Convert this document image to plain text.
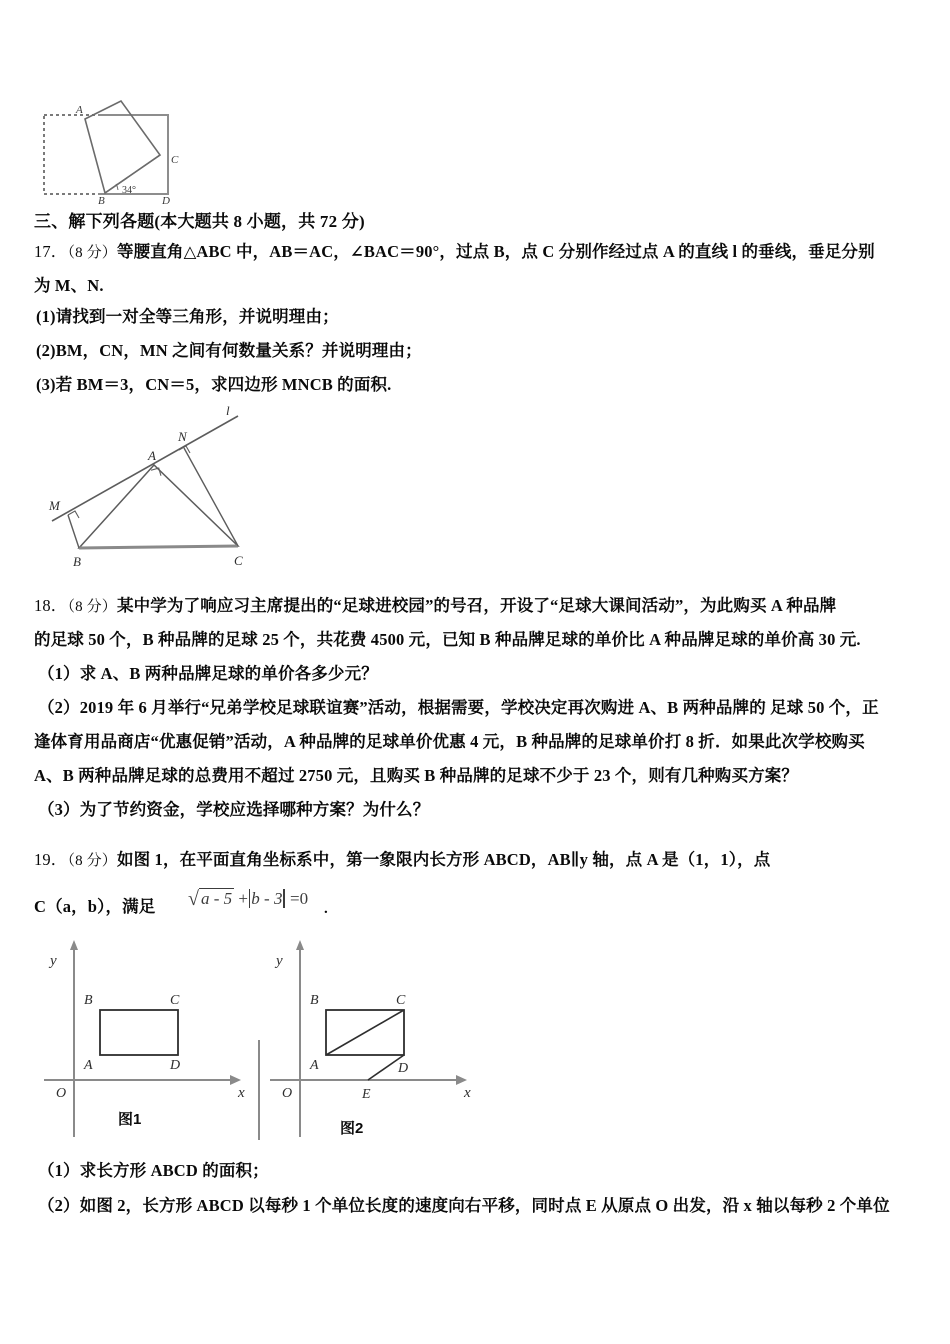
A
B
C
D
34°
三、解下列各题(本大题共 8 小题，共 72 分)
17．（8 分）等腰直角△ABC 中，AB＝AC，∠BAC＝90°，过点 B，点 C 分别作经过点 A 的直线 l 的垂线，垂足分别
为 M、N.
(1)请找到一对全等三角形，并说明理由；
(2)BM，CN，MN 之间有何数量关系？并说明理由；
(3)若 BM＝3，CN＝5，求四边形 MNCB 的面积.
l
N
A
M
B	C
18．（8 分）某中学为了响应习主席提出的“足球进校园”的号召，开设了“足球大课间活动”，为此购买 A 种品牌
的足球 50 个，B 种品牌的足球 25 个，共花费 4500 元，已知 B 种品牌足球的单价比 A 种品牌足球的单价高 30 元.
（1）求 A、B 两种品牌足球的单价各多少元？
（2）2019 年 6 月举行“兄弟学校足球联谊赛”活动，根据需要，学校决定再次购进 A、B 两种品牌的 足球 50 个，正
逢体育用品商店“优惠促销”活动，A 种品牌的足球单价优惠 4 元，B 种品牌的足球单价打 8 折．如果此次学校购买
A、B 两种品牌足球的总费用不超过 2750 元，且购买 B 种品牌的足球不少于 23 个，则有几种购买方案？
（3）为了节约资金，学校应选择哪种方案？为什么？
19．（8 分）如图 1，在平面直角坐标系中，第一象限内长方形 ABCD，AB∥y 轴，点 A 是（1，1），点
C（a，b），满足 √ a - 5 + b - 3 =0
.
y
x
O
B	C
A	D
图1
y
x
O
B	C
A	D
E
图2
（1）求长方形 ABCD 的面积；
（2）如图 2，长方形 ABCD 以每秒 1 个单位长度的速度向右平移，同时点 E 从原点 O 出发，沿 x 轴以每秒 2 个单位
